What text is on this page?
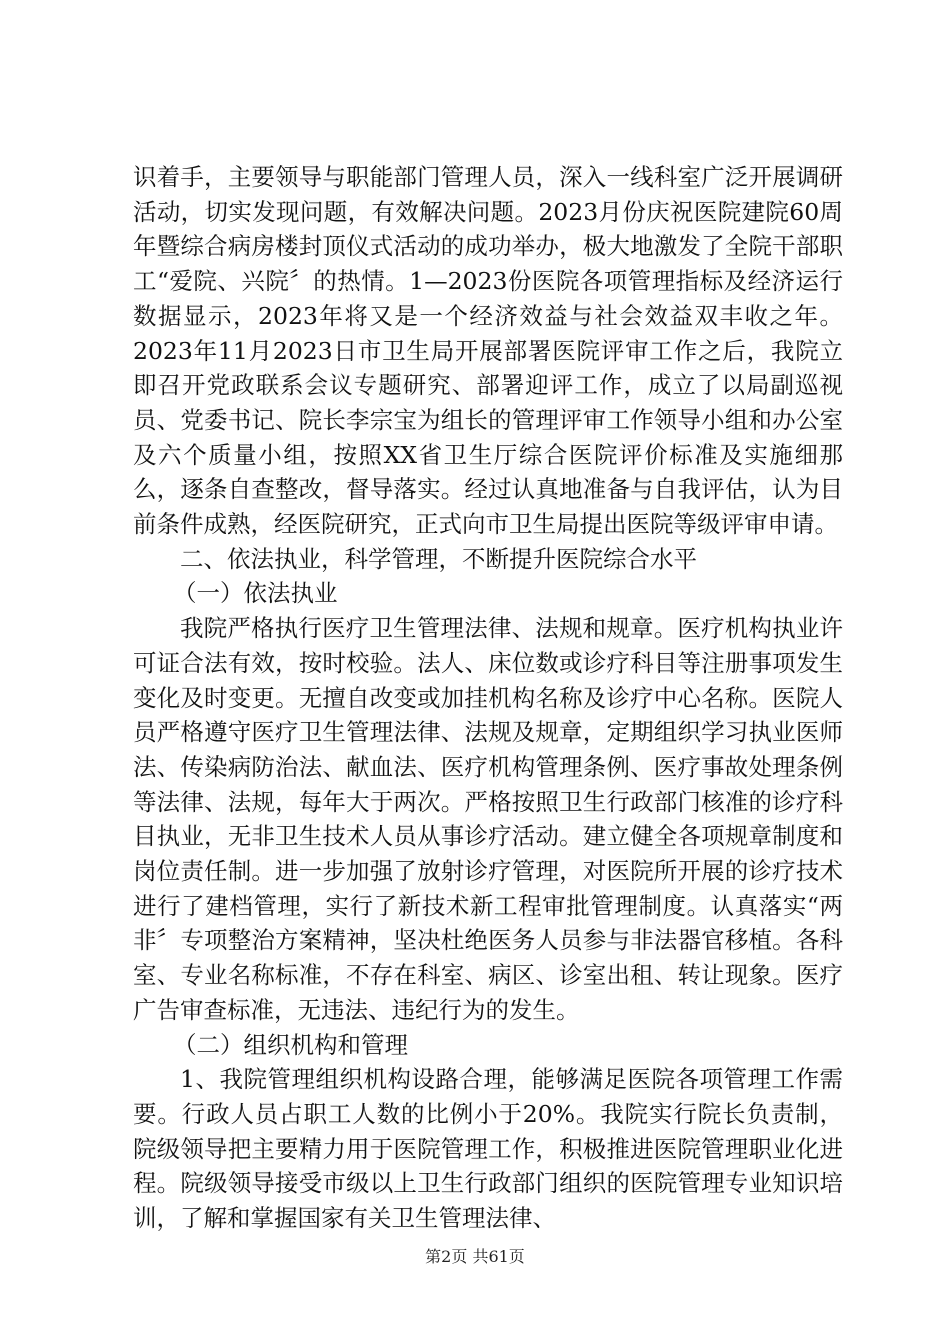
识着手，主要领导与职能部门管理人员，深入一线科室广泛开展调研活动，切实发现问题，有效解决问题。2023月份庆祝医院建院60周年暨综合病房楼封顶仪式活动的成功举办，极大地激发了全院干部职工“爱院、兴院〞的热情。1—2023份医院各项管理指标及经济运行数据显示，2023年将又是一个经济效益与社会效益双丰收之年。2023年11月2023日市卫生局开展部署医院评审工作之后，我院立即召开党政联系会议专题研究、部署迎评工作，成立了以局副巡视员、党委书记、院长李宗宝为组长的管理评审工作领导小组和办公室及六个质量小组，按照XX省卫生厅综合医院评价标准及实施细那么，逐条自查整改，督导落实。经过认真地准备与自我评估，认为目前条件成熟，经医院研究，正式向市卫生局提出医院等级评审申请。

二、依法执业，科学管理，不断提升医院综合水平

（一）依法执业

我院严格执行医疗卫生管理法律、法规和规章。医疗机构执业许可证合法有效，按时校验。法人、床位数或诊疗科目等注册事项发生变化及时变更。无擅自改变或加挂机构名称及诊疗中心名称。医院人员严格遵守医疗卫生管理法律、法规及规章，定期组织学习执业医师法、传染病防治法、献血法、医疗机构管理条例、医疗事故处理条例等法律、法规，每年大于两次。严格按照卫生行政部门核准的诊疗科目执业，无非卫生技术人员从事诊疗活动。建立健全各项规章制度和岗位责任制。进一步加强了放射诊疗管理，对医院所开展的诊疗技术进行了建档管理，实行了新技术新工程审批管理制度。认真落实“两非〞专项整治方案精神，坚决杜绝医务人员参与非法器官移植。各科室、专业名称标准，不存在科室、病区、诊室出租、转让现象。医疗广告审查标准，无违法、违纪行为的发生。

（二）组织机构和管理

1、我院管理组织机构设路合理，能够满足医院各项管理工作需要。行政人员占职工人数的比例小于20%。我院实行院长负责制，院级领导把主要精力用于医院管理工作，积极推进医院管理职业化进程。院级领导接受市级以上卫生行政部门组织的医院管理专业知识培训，了解和掌握国家有关卫生管理法律、

第2页 共61页
